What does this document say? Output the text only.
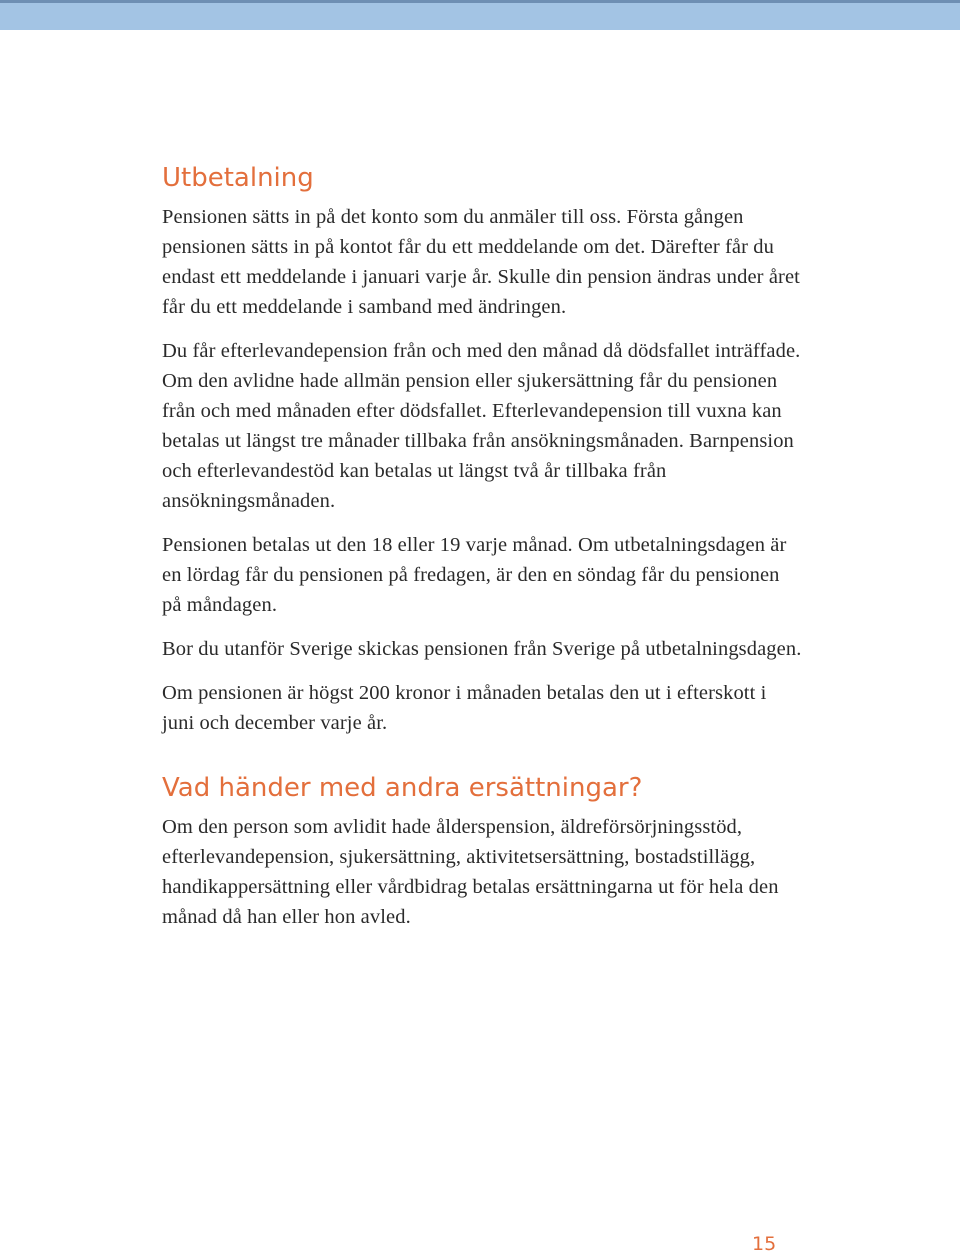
Utbetalning

Pensionen sätts in på det konto som du anmäler till oss. Första gången pensionen sätts in på kontot får du ett meddelande om det. Därefter får du endast ett meddelande i januari varje år. Skulle din pension ändras under året får du ett meddelande i samband med ändringen.

Du får efterlevandepension från och med den månad då dödsfallet inträffade. Om den avlidne hade allmän pension eller sjukersättning får du pensionen från och med månaden efter dödsfallet. Efterlevandepension till vuxna kan betalas ut längst tre månader tillbaka från ansökningsmånaden. Barnpension och efterlevandestöd kan betalas ut längst två år tillbaka från ansökningsmånaden.

Pensionen betalas ut den 18 eller 19 varje månad. Om utbetalningsdagen är en lördag får du pensionen på fredagen, är den en söndag får du pensionen på måndagen.

Bor du utanför Sverige skickas pensionen från Sverige på utbetalningsdagen.

Om pensionen är högst 200 kronor i månaden betalas den ut i efterskott i juni och december varje år.

Vad händer med andra ersättningar?

Om den person som avlidit hade ålderspension, äldreförsörjningsstöd, efterlevandepension, sjukersättning, aktivitetsersättning, bostadstillägg, handikappersättning eller vårdbidrag betalas ersättningarna ut för hela den månad då han eller hon avled.

15
